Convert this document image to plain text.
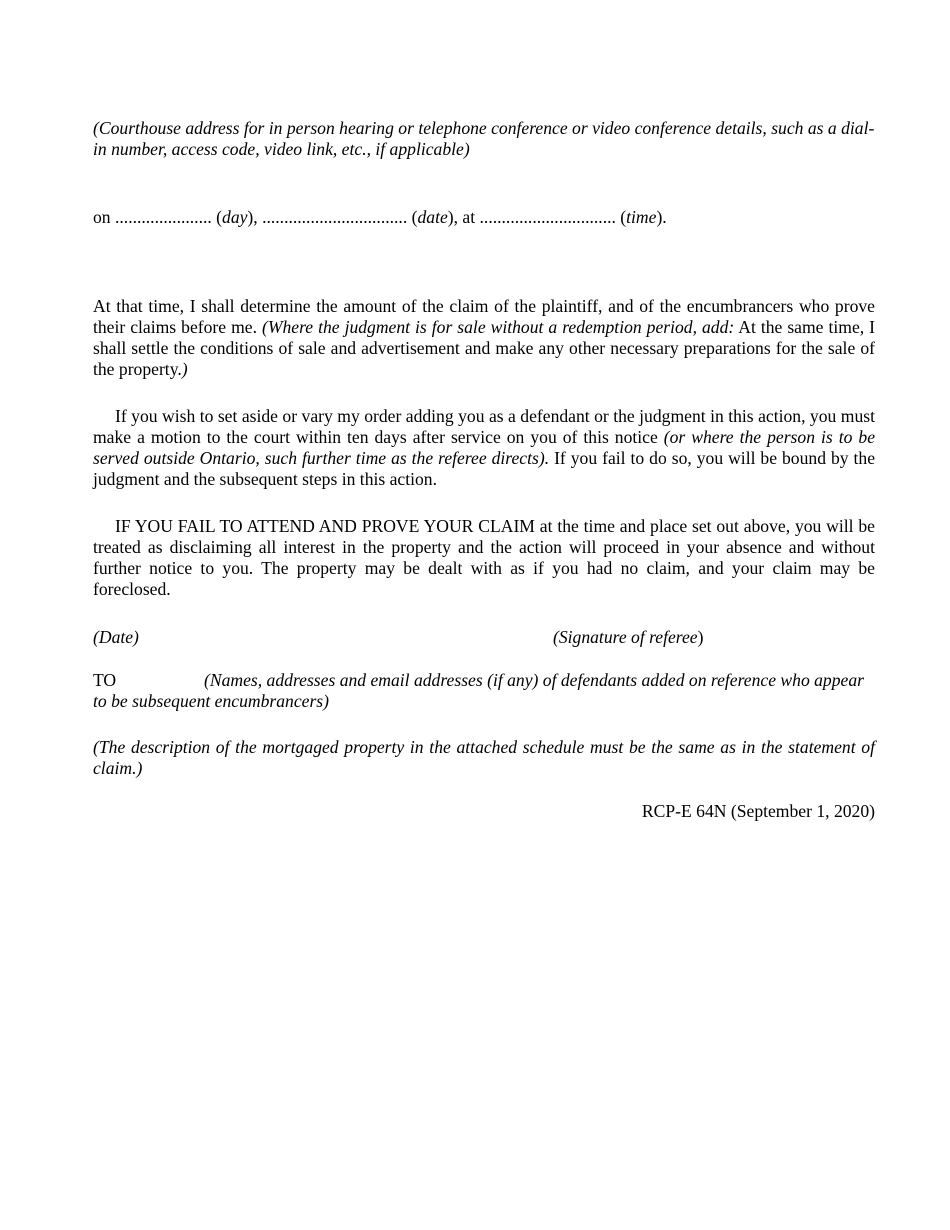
(Courthouse address for in person hearing or telephone conference or video conference details, such as a dial-in number, access code, video link, etc., if applicable)
on ...................... (day), ................................. (date), at ............................... (time).
At that time, I shall determine the amount of the claim of the plaintiff, and of the encumbrancers who prove their claims before me. (Where the judgment is for sale without a redemption period, add: At the same time, I shall settle the conditions of sale and advertisement and make any other necessary preparations for the sale of the property.)
If you wish to set aside or vary my order adding you as a defendant or the judgment in this action, you must make a motion to the court within ten days after service on you of this notice (or where the person is to be served outside Ontario, such further time as the referee directs). If you fail to do so, you will be bound by the judgment and the subsequent steps in this action.
IF YOU FAIL TO ATTEND AND PROVE YOUR CLAIM at the time and place set out above, you will be treated as disclaiming all interest in the property and the action will proceed in your absence and without further notice to you. The property may be dealt with as if you had no claim, and your claim may be foreclosed.
(Date)	(Signature of referee)
TO	(Names, addresses and email addresses (if any) of defendants added on reference who appear to be subsequent encumbrancers)
(The description of the mortgaged property in the attached schedule must be the same as in the statement of claim.)
RCP-E 64N (September 1, 2020)
